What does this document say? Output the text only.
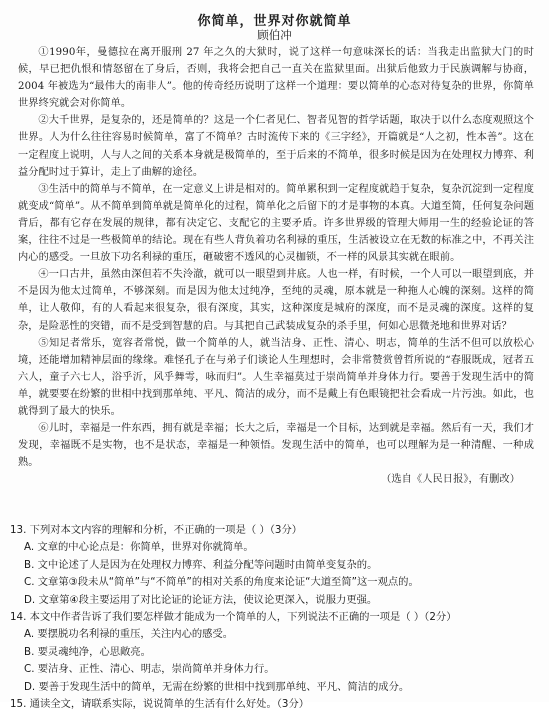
你简单，世界对你就简单
顾伯冲

①1990年，曼德拉在离开服刑 27 年之久的大狱时，说了这样一句意味深长的话：当我走出监狱大门的时候，早已把仇恨和情怒留在了身后，否则，我将会把自己一直关在监狱里面。出狱后他致力于民族调解与协商，2004 年被选为“最伟大的南非人”。他的传奇经历说明了这样一个道理：要以简单的心态对待复杂的世界，你简单世界终究就会对你简单。

②大千世界，是复杂的，还是简单的？这是一个仁者见仁、智者见智的哲学话题，取决于以什么态度观照这个世界。人为什么往往容易时候简单，富了不简单？古时流传下来的《三字经》，开篇就是“人之初，性本善”。这在一定程度上说明，人与人之间的关系本身就是极简单的，至于后来的不简单，很多时候是因为在处理权力博弈、利益分配时过于算计，走上了曲解的途径。

③生活中的简单与不简单，在一定意义上讲是相对的。简单累积到一定程度就趋于复杂，复杂沉淀到一定程度就变成“简单”。从不简单到简单就是简单化的过程，简单化之后留下的才是事物的本真。大道至简，任何复杂问题背后，都有它存在发展的规律，都有决定它、支配它的主要矛盾。许多世界级的管理大师用一生的经验论证的答案，往往不过是一些极简单的结论。现在有些人背负着功名利禄的重压，生活被设立在无数的标准之中，不再关注内心的感受。一旦放下功名利禄的重压，砸破密不透风的心灵枷锁，不一样的风景其实就在眼前。

④一口古井，虽然由深但若不失泠澈，就可以一眼望到井底。人也一样，有时候，一个人可以一眼望到底，并不是因为他太过简单，不够深刻。而是因为他太过纯净，至纯的灵魂，原本就是一种拖人心魄的深刻。这样的简单，让人敬仰，有的人看起来很复杂，很有深度，其实，这种深度是城府的深度，而不是灵魂的深度。这样的复杂，是险恶性的突错，而不是受到智慧的启。与其把自己武装成复杂的杀手里，何如心思微尧地和世界对话？

⑤知足者常乐，宽容者常悦，做一个简单的人，就当洁身、正性、清心、明志，简单的生活不但可以放松心境，还能增加精神层面的缘缘。难怪孔子在与弟子们谈论人生理想时，会非常赞赏曾哲所说的“春服既成，冠者五六人，童子六七人，浴乎沂，风乎舞雩，咏而归”。人生幸福莫过于崇尚简单并身体力行。要善于发现生活中的简单，就要要在纷繁的世相中找到那单纯、平凡、简洁的成分，而不是戴上有色眼镜把社会看成一片污浊。如此，也就得到了最大的快乐。

⑥儿时，幸福是一件东西，拥有就是幸福；长大之后，幸福是一个目标，达到就是幸福。然后有一天，我们才发现，幸福既不是实物，也不是状态，幸福是一种领悟。发现生活中的简单，也可以理解为是一种清醒、一种成熟。

（选自《人民日报》，有删改）

13. 下列对本文内容的理解和分析，不正确的一项是（ ）（3分）

A. 文章的中心论点是：你简单，世界对你就简单。

B. 文中论述了人是因为在处理权力博弈、利益分配等问题时由简单变复杂的。

C. 文章第③段未从“简单”与“不简单”的相对关系的角度来论证“大道至简”这一观点的。

D. 文章第④段主要运用了对比论证的论证方法，使议论更深入，说服力更强。

14. 本文中作者告诉了我们要怎样做才能成为一个简单的人，下列说法不正确的一项是（ ）（2分）

A. 要摆脱功名利禄的重压，关注内心的感受。

B. 要灵魂纯净，心思敞亮。

C. 要洁身、正性、清心、明志，崇尚简单并身体力行。

D. 要善于发现生活中的简单，无需在纷繁的世相中找到那单纯、平凡、简洁的成分。

15. 通读全文，请联系实际，说说简单的生活有什么好处。（3分）
